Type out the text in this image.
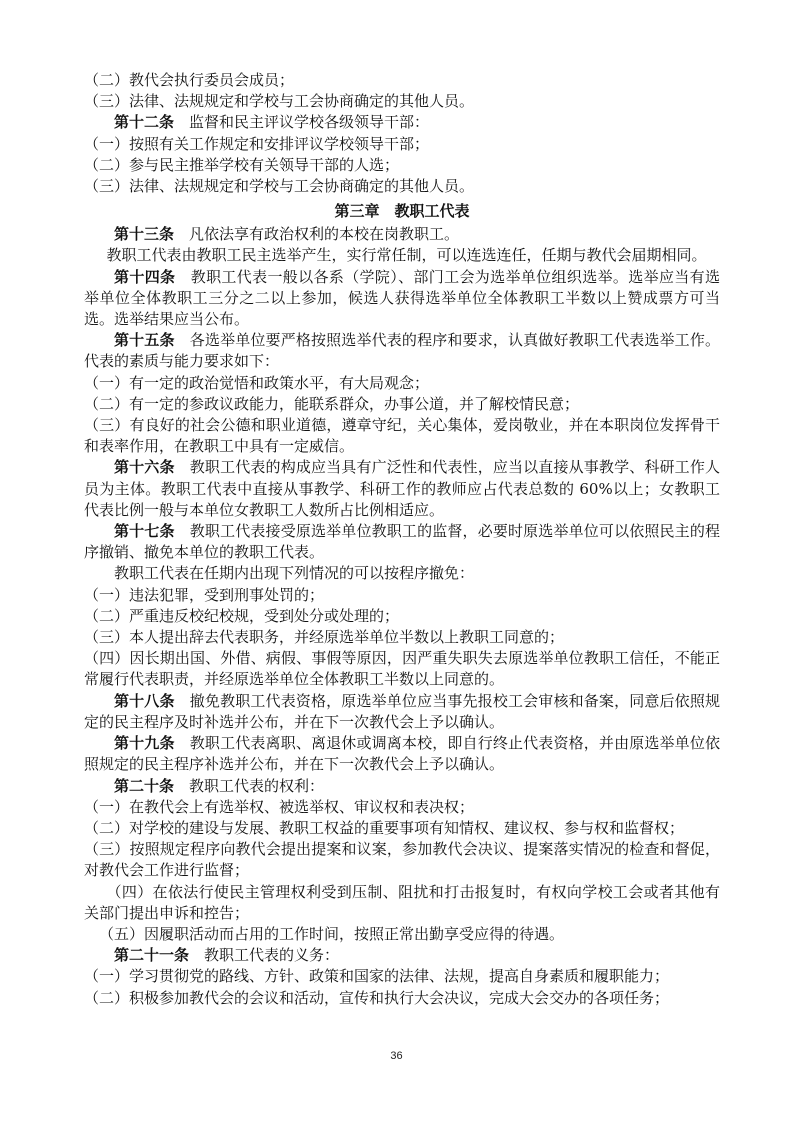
（二）教代会执行委员会成员；

（三）法律、法规规定和学校与工会协商确定的其他人员。

第十二条　监督和民主评议学校各级领导干部：

（一）按照有关工作规定和安排评议学校领导干部；

（二）参与民主推举学校有关领导干部的人选；

（三）法律、法规规定和学校与工会协商确定的其他人员。

第三章　教职工代表

第十三条　凡依法享有政治权利的本校在岗教职工。

教职工代表由教职工民主选举产生，实行常任制，可以连选连任，任期与教代会届期相同。

第十四条　教职工代表一般以各系（学院）、部门工会为选举单位组织选举。选举应当有选举单位全体教职工三分之二以上参加，候选人获得选举单位全体教职工半数以上赞成票方可当选。选举结果应当公布。

第十五条　各选举单位要严格按照选举代表的程序和要求，认真做好教职工代表选举工作。代表的素质与能力要求如下：

（一）有一定的政治觉悟和政策水平，有大局观念；

（二）有一定的参政议政能力，能联系群众，办事公道，并了解校情民意；

（三）有良好的社会公德和职业道德，遵章守纪，关心集体，爱岗敬业，并在本职岗位发挥骨干和表率作用，在教职工中具有一定威信。

第十六条　教职工代表的构成应当具有广泛性和代表性，应当以直接从事教学、科研工作人员为主体。教职工代表中直接从事教学、科研工作的教师应占代表总数的 60%以上；女教职工代表比例一般与本单位女教职工人数所占比例相适应。

第十七条　教职工代表接受原选举单位教职工的监督，必要时原选举单位可以依照民主的程序撤销、撤免本单位的教职工代表。

教职工代表在任期内出现下列情况的可以按程序撤免：

（一）违法犯罪，受到刑事处罚的；

（二）严重违反校纪校规，受到处分或处理的；

（三）本人提出辞去代表职务，并经原选举单位半数以上教职工同意的；

（四）因长期出国、外借、病假、事假等原因，因严重失职失去原选举单位教职工信任，不能正常履行代表职责，并经原选举单位全体教职工半数以上同意的。

第十八条　撤免教职工代表资格，原选举单位应当事先报校工会审核和备案，同意后依照规定的民主程序及时补选并公布，并在下一次教代会上予以确认。

第十九条　教职工代表离职、离退休或调离本校，即自行终止代表资格，并由原选举单位依照规定的民主程序补选并公布，并在下一次教代会上予以确认。

第二十条　教职工代表的权利：

（一）在教代会上有选举权、被选举权、审议权和表决权；

（二）对学校的建设与发展、教职工权益的重要事项有知情权、建议权、参与权和监督权；

（三）按照规定程序向教代会提出提案和议案，参加教代会决议、提案落实情况的检查和督促，对教代会工作进行监督；

（四）在依法行使民主管理权利受到压制、阻扰和打击报复时，有权向学校工会或者其他有关部门提出申诉和控告；

（五）因履职活动而占用的工作时间，按照正常出勤享受应得的待遇。

第二十一条　教职工代表的义务：

（一）学习贯彻党的路线、方针、政策和国家的法律、法规，提高自身素质和履职能力；

（二）积极参加教代会的会议和活动，宣传和执行大会决议，完成大会交办的各项任务；

36
